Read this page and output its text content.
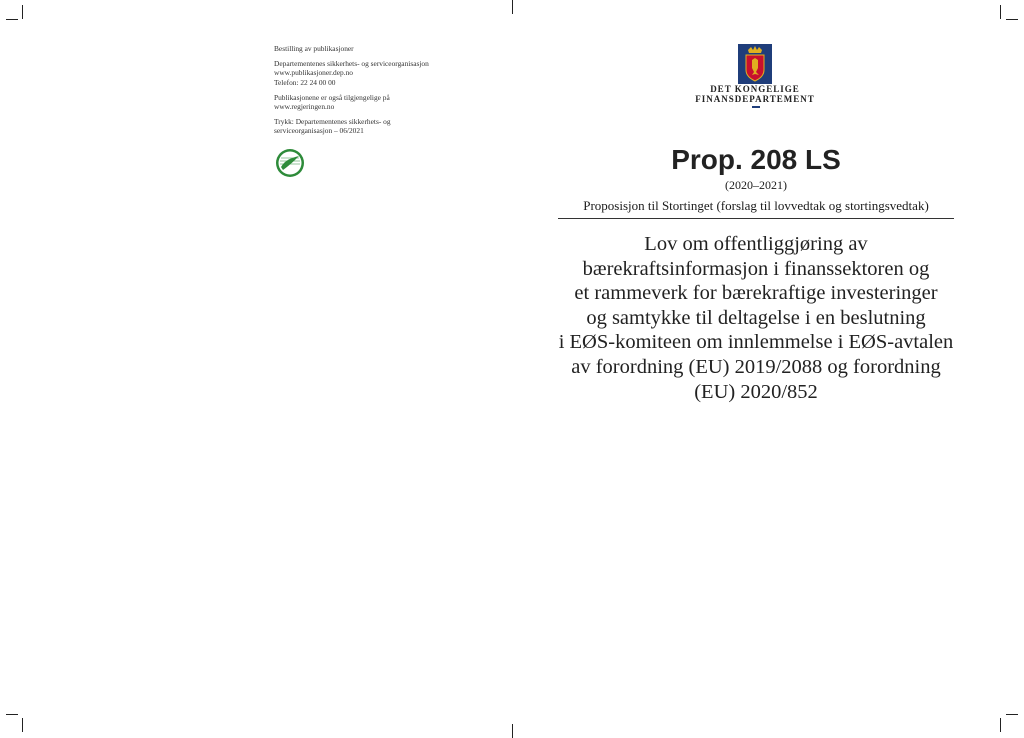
Bestilling av publikasjoner

Departementenes sikkerhets- og serviceorganisasjon
www.publikasjoner.dep.no
Telefon: 22 24 00 00

Publikasjonene er også tilgjengelige på
www.regjeringen.no

Trykk: Departementenes sikkerhets- og
serviceorganisasjon – 06/2021

DET KONGELIGE
FINANSDEPARTEMENT
Prop. 208 LS
(2020–2021)
Proposisjon til Stortinget (forslag til lovvedtak og stortingsvedtak)
Lov om offentliggjøring av
bærekraftsinformasjon i finanssektoren og
et rammeverk for bærekraftige investeringer
og samtykke til deltagelse i en beslutning
i EØS-komiteen om innlemmelse i EØS-avtalen
av forordning (EU) 2019/2088 og forordning
(EU) 2020/852
